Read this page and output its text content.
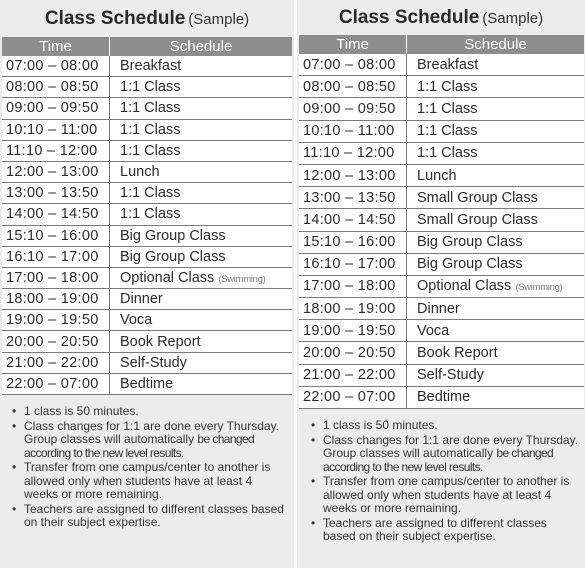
Class Schedule (Sample)
Time	Schedule
07:00 – 08:00	Breakfast
08:00 – 08:50	1:1 Class
09:00 – 09:50	1:1 Class
10:10 – 11:00	1:1 Class
11:10 – 12:00	1:1 Class
12:00 – 13:00	Lunch
13:00 – 13:50	1:1 Class
14:00 – 14:50	1:1 Class
15:10 – 16:00	Big Group Class
16:10 – 17:00	Big Group Class
17:00 – 18:00	Optional Class (Swimming)
18:00 – 19:00	Dinner
19:00 – 19:50	Voca
20:00 – 20:50	Book Report
21:00 – 22:00	Self-Study
22:00 – 07:00	Bedtime
• 1 class is 50 minutes.
• Class changes for 1:1 are done every Thursday. Group classes will automatically be changed according to the new level results.
• Transfer from one campus/center to another is allowed only when students have at least 4 weeks or more remaining.
• Teachers are assigned to different classes based on their subject expertise.
Class Schedule (Sample)
Time	Schedule
07:00 – 08:00	Breakfast
08:00 – 08:50	1:1 Class
09:00 – 09:50	1:1 Class
10:10 – 11:00	1:1 Class
11:10 – 12:00	1:1 Class
12:00 – 13:00	Lunch
13:00 – 13:50	Small Group Class
14:00 – 14:50	Small Group Class
15:10 – 16:00	Big Group Class
16:10 – 17:00	Big Group Class
17:00 – 18:00	Optional Class (Swimming)
18:00 – 19:00	Dinner
19:00 – 19:50	Voca
20:00 – 20:50	Book Report
21:00 – 22:00	Self-Study
22:00 – 07:00	Bedtime
• 1 class is 50 minutes.
• Class changes for 1:1 are done every Thursday. Group classes will automatically be changed according to the new level results.
• Transfer from one campus/center to another is allowed only when students have at least 4 weeks or more remaining.
• Teachers are assigned to different classes based on their subject expertise.
